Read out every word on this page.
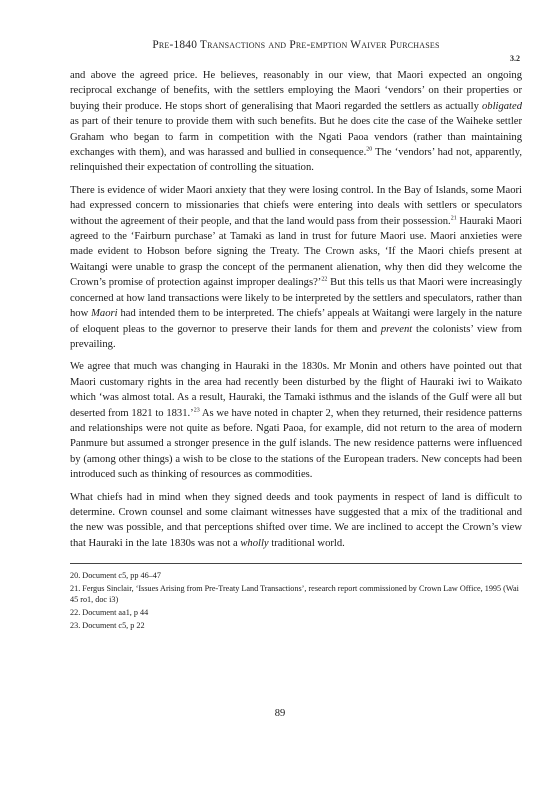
Pre-1840 Transactions and Pre-emption Waiver Purchases
3.2

and above the agreed price. He believes, reasonably in our view, that Maori expected an ongoing reciprocal exchange of benefits, with the settlers employing the Maori ‘vendors’ on their properties or buying their produce. He stops short of generalising that Maori regarded the settlers as actually obligated as part of their tenure to provide them with such benefits. But he does cite the case of the Waiheke settler Graham who began to farm in competition with the Ngati Paoa vendors (rather than maintaining exchanges with them), and was harassed and bullied in consequence.$^{20}$ The ‘vendors’ had not, apparently, relinquished their expectation of controlling the situation.

There is evidence of wider Maori anxiety that they were losing control. In the Bay of Islands, some Maori had expressed concern to missionaries that chiefs were entering into deals with settlers or speculators without the agreement of their people, and that the land would pass from their possession.$^{21}$ Hauraki Maori agreed to the ‘Fairburn purchase’ at Tamaki as land in trust for future Maori use. Maori anxieties were made evident to Hobson before signing the Treaty. The Crown asks, ‘If the Maori chiefs present at Waitangi were unable to grasp the concept of the permanent alienation, why then did they welcome the Crown’s promise of protection against improper dealings?’$^{22}$ But this tells us that Maori were increasingly concerned at how land transactions were likely to be interpreted by the settlers and speculators, rather than how Maori had intended them to be interpreted. The chiefs’ appeals at Waitangi were largely in the nature of eloquent pleas to the governor to preserve their lands for them and prevent the colonists’ view from prevailing.

We agree that much was changing in Hauraki in the 1830s. Mr Monin and others have pointed out that Maori customary rights in the area had recently been disturbed by the flight of Hauraki iwi to Waikato which ‘was almost total. As a result, Hauraki, the Tamaki isthmus and the islands of the Gulf were all but deserted from 1821 to 1831.’$^{23}$ As we have noted in chapter 2, when they returned, their residence patterns and relationships were not quite as before. Ngati Paoa, for example, did not return to the area of modern Panmure but assumed a stronger presence in the gulf islands. The new residence patterns were influenced by (among other things) a wish to be close to the stations of the European traders. New concepts had been introduced such as thinking of resources as commodities.

What chiefs had in mind when they signed deeds and took payments in respect of land is difficult to determine. Crown counsel and some claimant witnesses have suggested that a mix of the traditional and the new was possible, and that perceptions shifted over time. We are inclined to accept the Crown’s view that Hauraki in the late 1830s was not a wholly traditional world.

20. Document c5, pp 46–47
21. Fergus Sinclair, ‘Issues Arising from Pre-Treaty Land Transactions’, research report commissioned by Crown Law Office, 1995 (Wai 45 ro1, doc i3)
22. Document aa1, p 44
23. Document c5, p 22
89
